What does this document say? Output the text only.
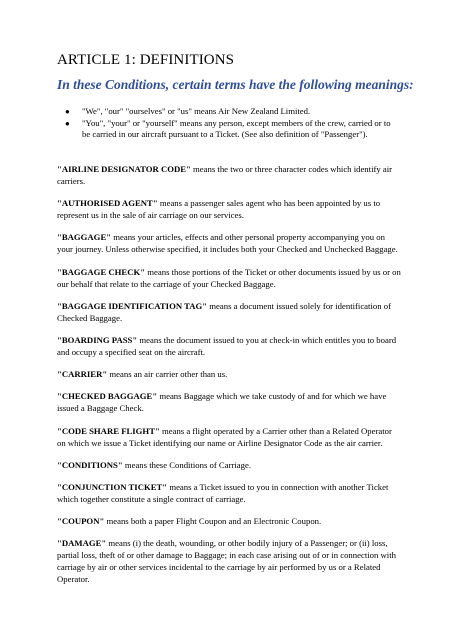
ARTICLE 1: DEFINITIONS
In these Conditions, certain terms have the following meanings:
● "We", "our" "ourselves" or "us" means Air New Zealand Limited.
● "You", "your" or "yourself" means any person, except members of the crew, carried or to be carried in our aircraft pursuant to a Ticket. (See also definition of "Passenger").

"AIRLINE DESIGNATOR CODE" means the two or three character codes which identify air carriers.

"AUTHORISED AGENT" means a passenger sales agent who has been appointed by us to represent us in the sale of air carriage on our services.

"BAGGAGE" means your articles, effects and other personal property accompanying you on your journey. Unless otherwise specified, it includes both your Checked and Unchecked Baggage.

"BAGGAGE CHECK" means those portions of the Ticket or other documents issued by us or on our behalf that relate to the carriage of your Checked Baggage.

"BAGGAGE IDENTIFICATION TAG" means a document issued solely for identification of Checked Baggage.

"BOARDING PASS" means the document issued to you at check-in which entitles you to board and occupy a specified seat on the aircraft.

"CARRIER" means an air carrier other than us.

"CHECKED BAGGAGE" means Baggage which we take custody of and for which we have issued a Baggage Check.

"CODE SHARE FLIGHT" means a flight operated by a Carrier other than a Related Operator on which we issue a Ticket identifying our name or Airline Designator Code as the air carrier.

"CONDITIONS" means these Conditions of Carriage.

"CONJUNCTION TICKET" means a Ticket issued to you in connection with another Ticket which together constitute a single contract of carriage.

"COUPON" means both a paper Flight Coupon and an Electronic Coupon.

"DAMAGE" means (i) the death, wounding, or other bodily injury of a Passenger; or (ii) loss, partial loss, theft of or other damage to Baggage; in each case arising out of or in connection with carriage by air or other services incidental to the carriage by air performed by us or a Related Operator.
